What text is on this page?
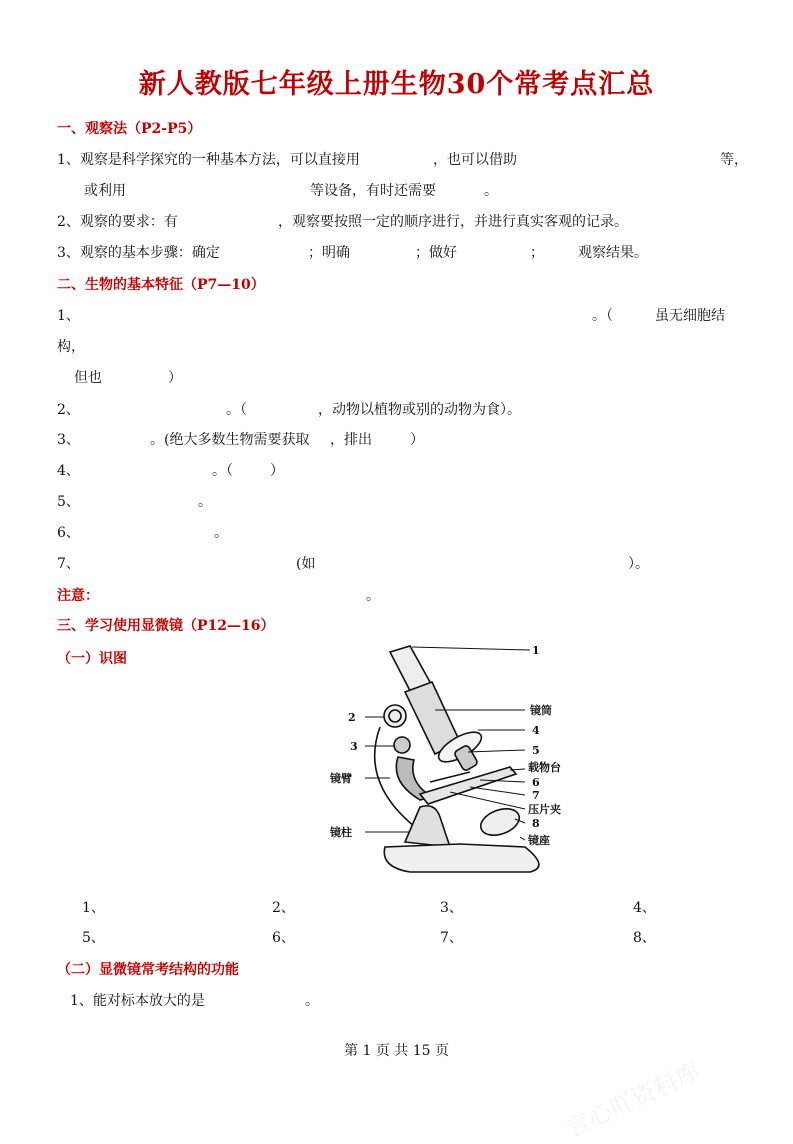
言心吖资料库
新人教版七年级上册生物30个常考点汇总
一、观察法（P2-P5）
1、观察是科学探究的一种基本方法，可以直接用	，也可以借助	等，
或利用	等设备，有时还需要	。
2、观察的要求：有	，观察要按照一定的顺序进行，并进行真实客观的记录。
3、观察的基本步骤：确定	；明确	；做好	； 观察结果。
二、生物的基本特征（P7—10）
1、	。（	虽无细胞结
构，
但也	）
2、	。（	，动物以植物或别的动物为食）。
3、	。(绝大多数生物需要获取 ，排出	）
4、	。（	）
5、	。
6、	。
7、	(如	）。
注意：	。
三、学习使用显微镜（P12—16）
（一）识图
1
镜筒
4
5
载物台
6
7
压片夹
8
镜座
2
3
镜臂
镜柱
1、	2、	3、	4、
5、	6、	7、	8、
（二）显微镜常考结构的功能
1、能对标本放大的是	。
第 1 页 共 15 页
